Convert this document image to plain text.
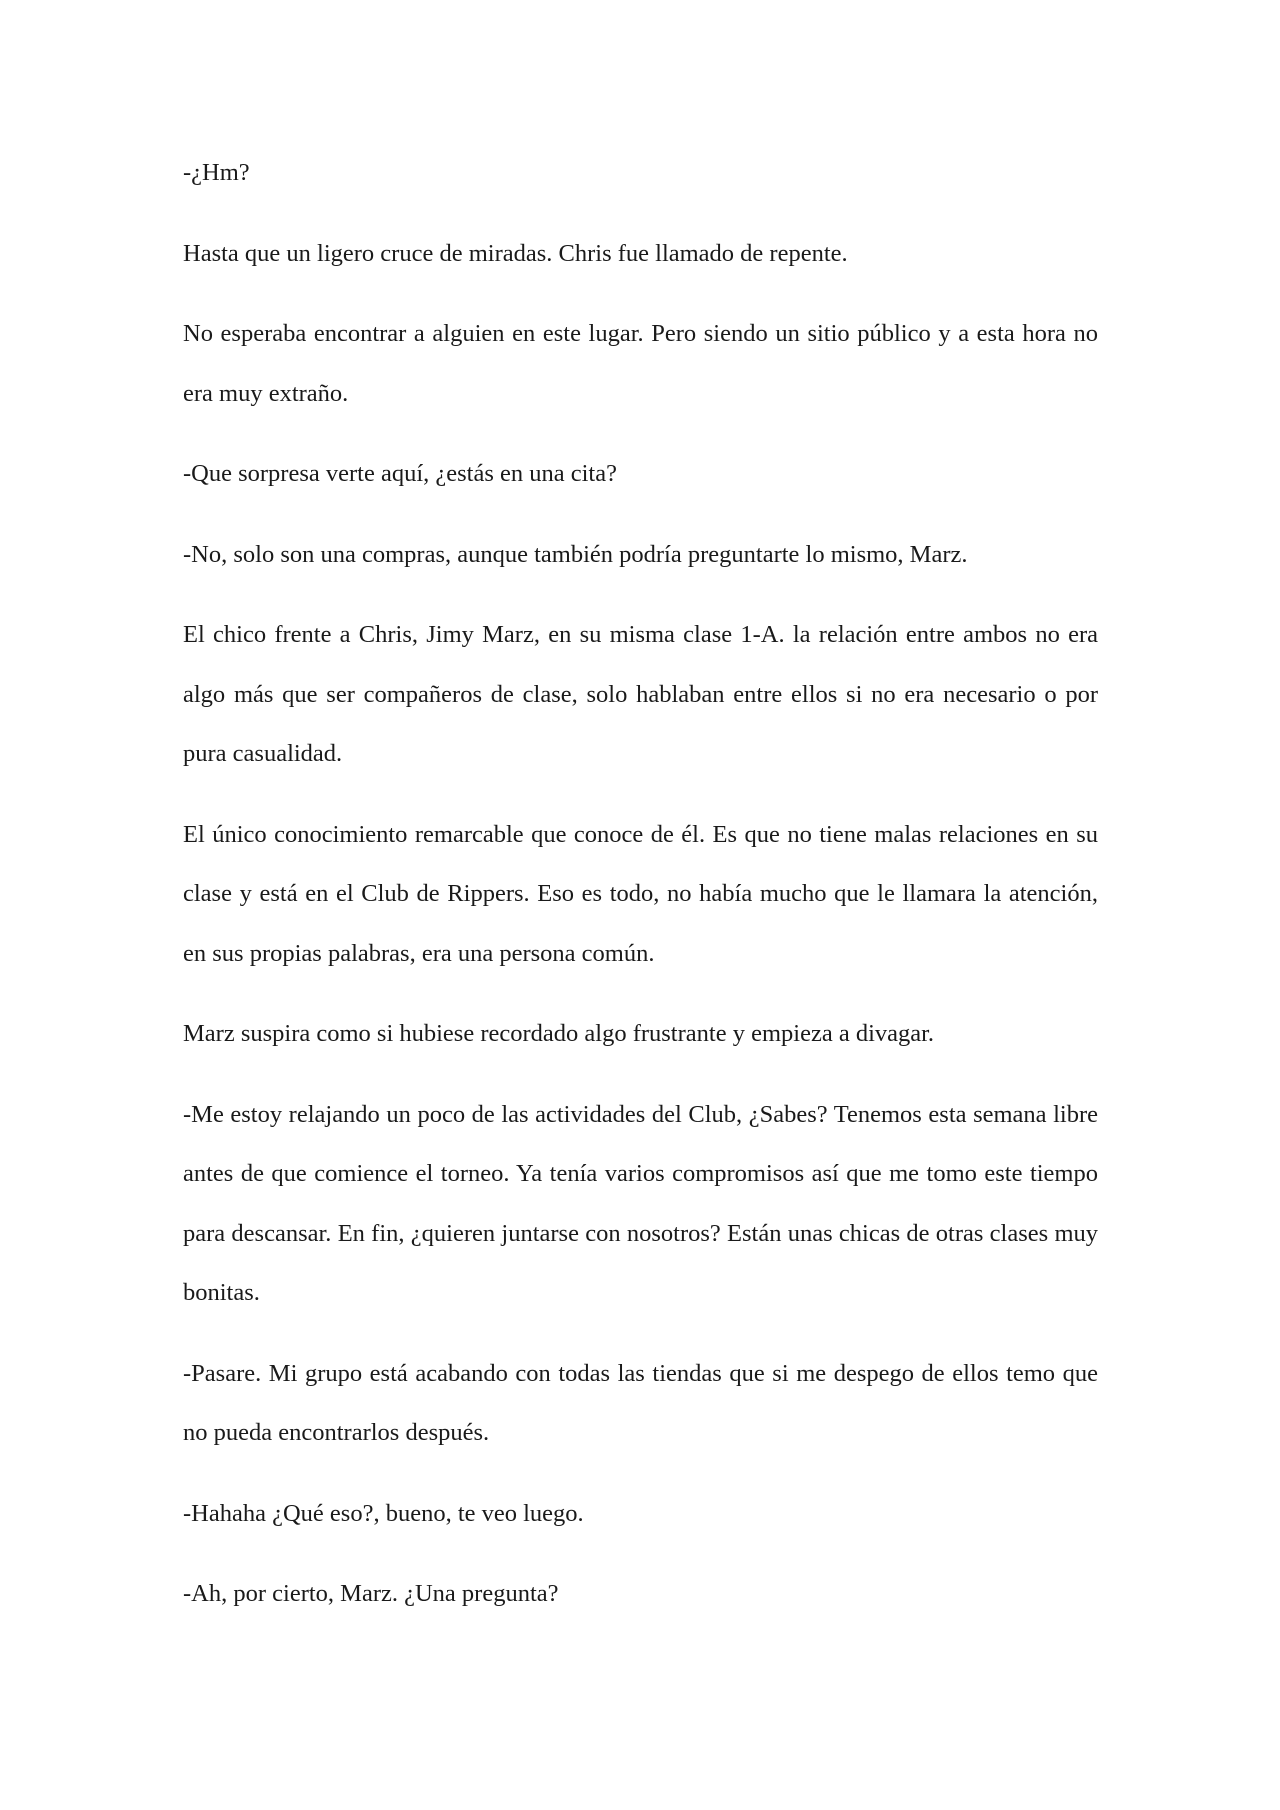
-¿Hm?

Hasta que un ligero cruce de miradas. Chris fue llamado de repente.

No esperaba encontrar a alguien en este lugar. Pero siendo un sitio público y a esta hora no era muy extraño.

-Que sorpresa verte aquí, ¿estás en una cita?

-No, solo son una compras, aunque también podría preguntarte lo mismo, Marz.

El chico frente a Chris, Jimy Marz, en su misma clase 1-A. la relación entre ambos no era algo más que ser compañeros de clase, solo hablaban entre ellos si no era necesario o por pura casualidad.

El único conocimiento remarcable que conoce de él. Es que no tiene malas relaciones en su clase y está en el Club de Rippers. Eso es todo, no había mucho que le llamara la atención, en sus propias palabras, era una persona común.

Marz suspira como si hubiese recordado algo frustrante y empieza a divagar.

-Me estoy relajando un poco de las actividades del Club, ¿Sabes? Tenemos esta semana libre antes de que comience el torneo. Ya tenía varios compromisos así que me tomo este tiempo para descansar. En fin, ¿quieren juntarse con nosotros? Están unas chicas de otras clases muy bonitas.

-Pasare. Mi grupo está acabando con todas las tiendas que si me despego de ellos temo que no pueda encontrarlos después.

-Hahaha ¿Qué eso?, bueno, te veo luego.

-Ah, por cierto, Marz. ¿Una pregunta?
